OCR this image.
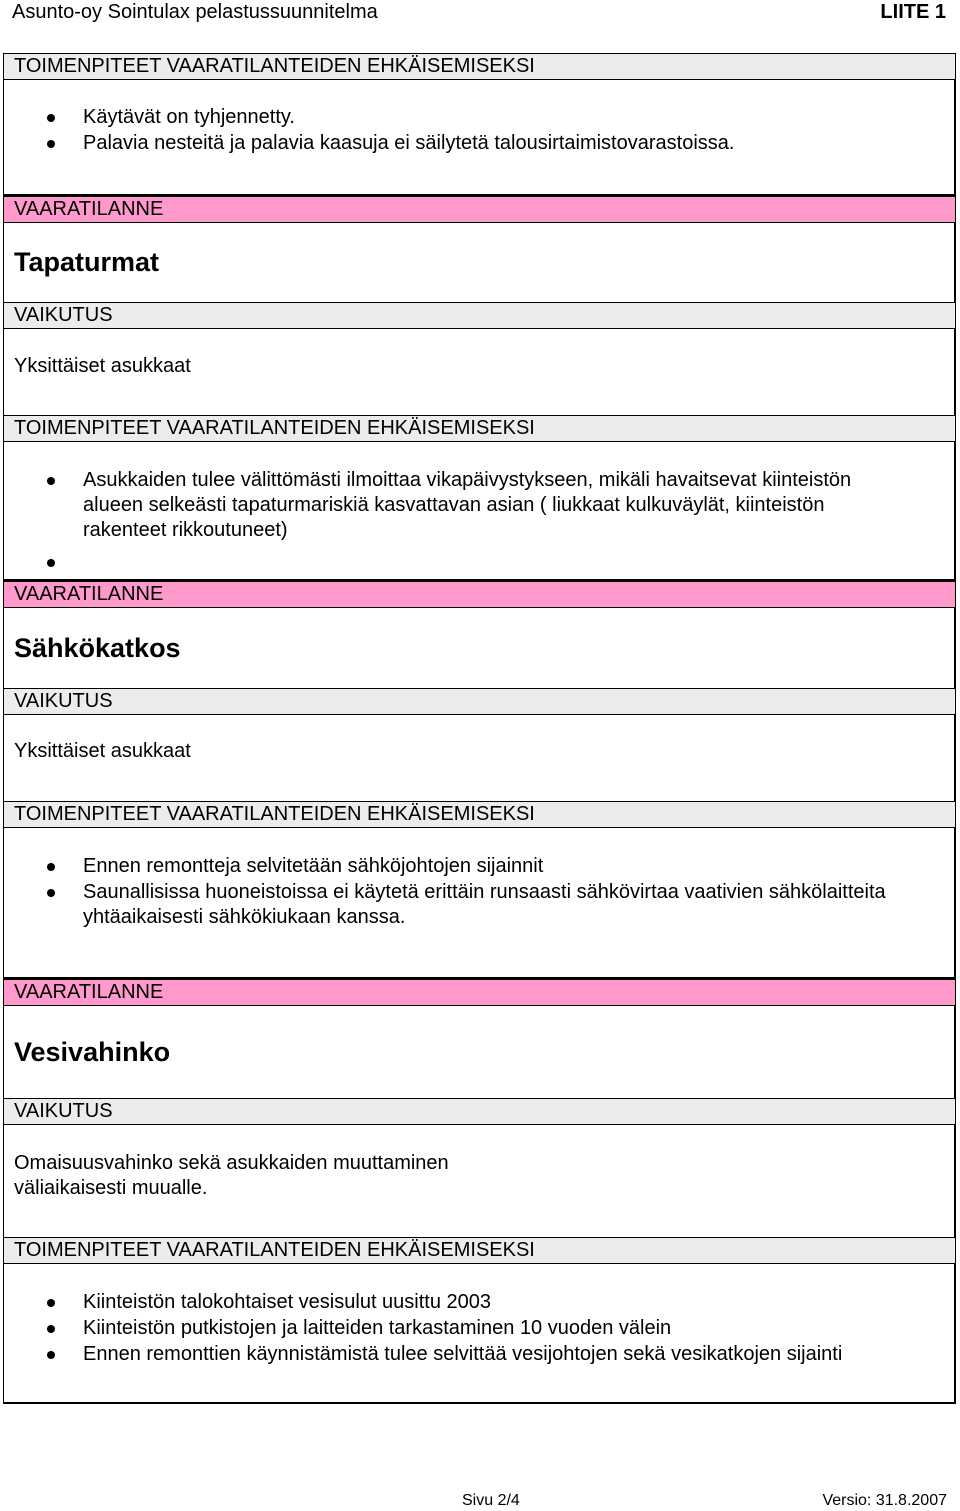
Asunto-oy Sointulax pelastussuunnitelma	LIITE 1
TOIMENPITEET VAARATILANTEIDEN EHKÄISEMISEKSI
Käytävät on tyhjennetty.
Palavia nesteitä ja palavia kaasuja ei säilytetä talousirtaimistovarastoissa.
VAARATILANNE
Tapaturmat
VAIKUTUS
Yksittäiset asukkaat
TOIMENPITEET VAARATILANTEIDEN EHKÄISEMISEKSI
Asukkaiden tulee välittömästi ilmoittaa vikapäivystykseen, mikäli havaitsevat kiinteistön alueen selkeästi tapaturmariskiä kasvattavan asian ( liukkaat kulkuväylät, kiinteistön rakenteet rikkoutuneet)
VAARATILANNE
Sähkökatkos
VAIKUTUS
Yksittäiset asukkaat
TOIMENPITEET VAARATILANTEIDEN EHKÄISEMISEKSI
Ennen remontteja selvitetään sähköjohtojen sijainnit
Saunallisissa huoneistoissa ei käytetä erittäin runsaasti sähkövirtaa vaativien sähkölaitteita yhtäaikaisesti sähkökiukaan kanssa.
VAARATILANNE
Vesivahinko
VAIKUTUS
Omaisuusvahinko sekä asukkaiden muuttaminen
väliaikaisesti muualle.
TOIMENPITEET VAARATILANTEIDEN EHKÄISEMISEKSI
Kiinteistön talokohtaiset vesisulut uusittu 2003
Kiinteistön putkistojen ja laitteiden tarkastaminen 10 vuoden välein
Ennen remonttien käynnistämistä tulee selvittää vesijohtojen sekä vesikatkojen sijainti
Sivu 2/4	Versio: 31.8.2007
